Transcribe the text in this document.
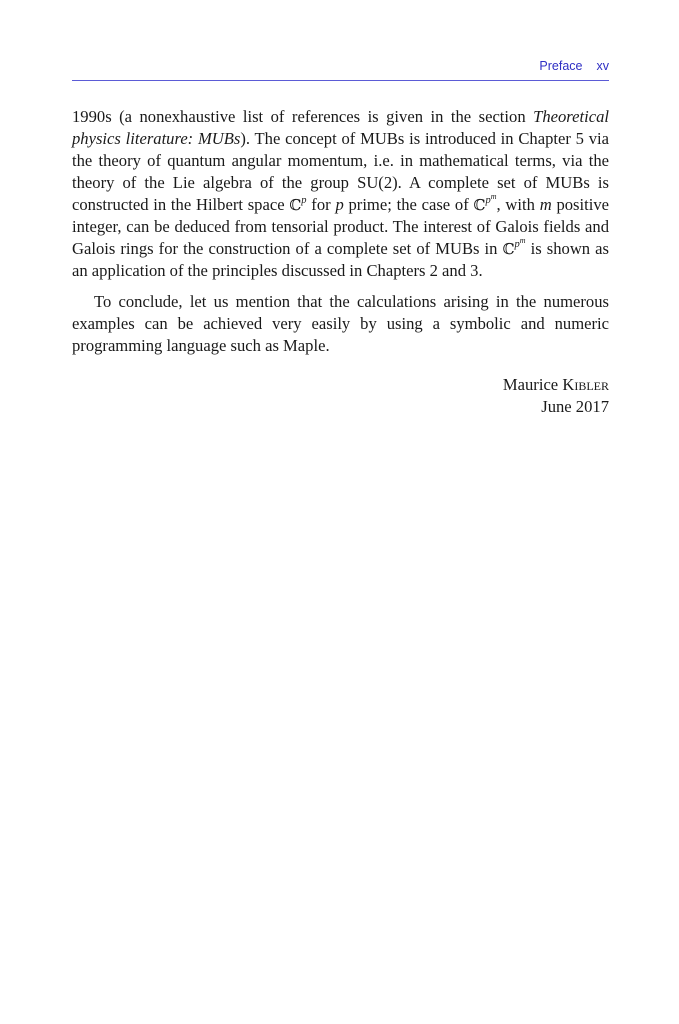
Preface xv

1990s (a nonexhaustive list of references is given in the section Theoretical physics literature: MUBs). The concept of MUBs is introduced in Chapter 5 via the theory of quantum angular momentum, i.e. in mathematical terms, via the theory of the Lie algebra of the group SU(2). A complete set of MUBs is constructed in the Hilbert space ℂ$^p$ for p prime; the case of ℂ$^{p^m}$, with m positive integer, can be deduced from tensorial product. The interest of Galois fields and Galois rings for the construction of a complete set of MUBs in ℂ$^{p^m}$ is shown as an application of the principles discussed in Chapters 2 and 3.

To conclude, let us mention that the calculations arising in the numerous examples can be achieved very easily by using a symbolic and numeric programming language such as Maple.

Maurice Kibler
June 2017
